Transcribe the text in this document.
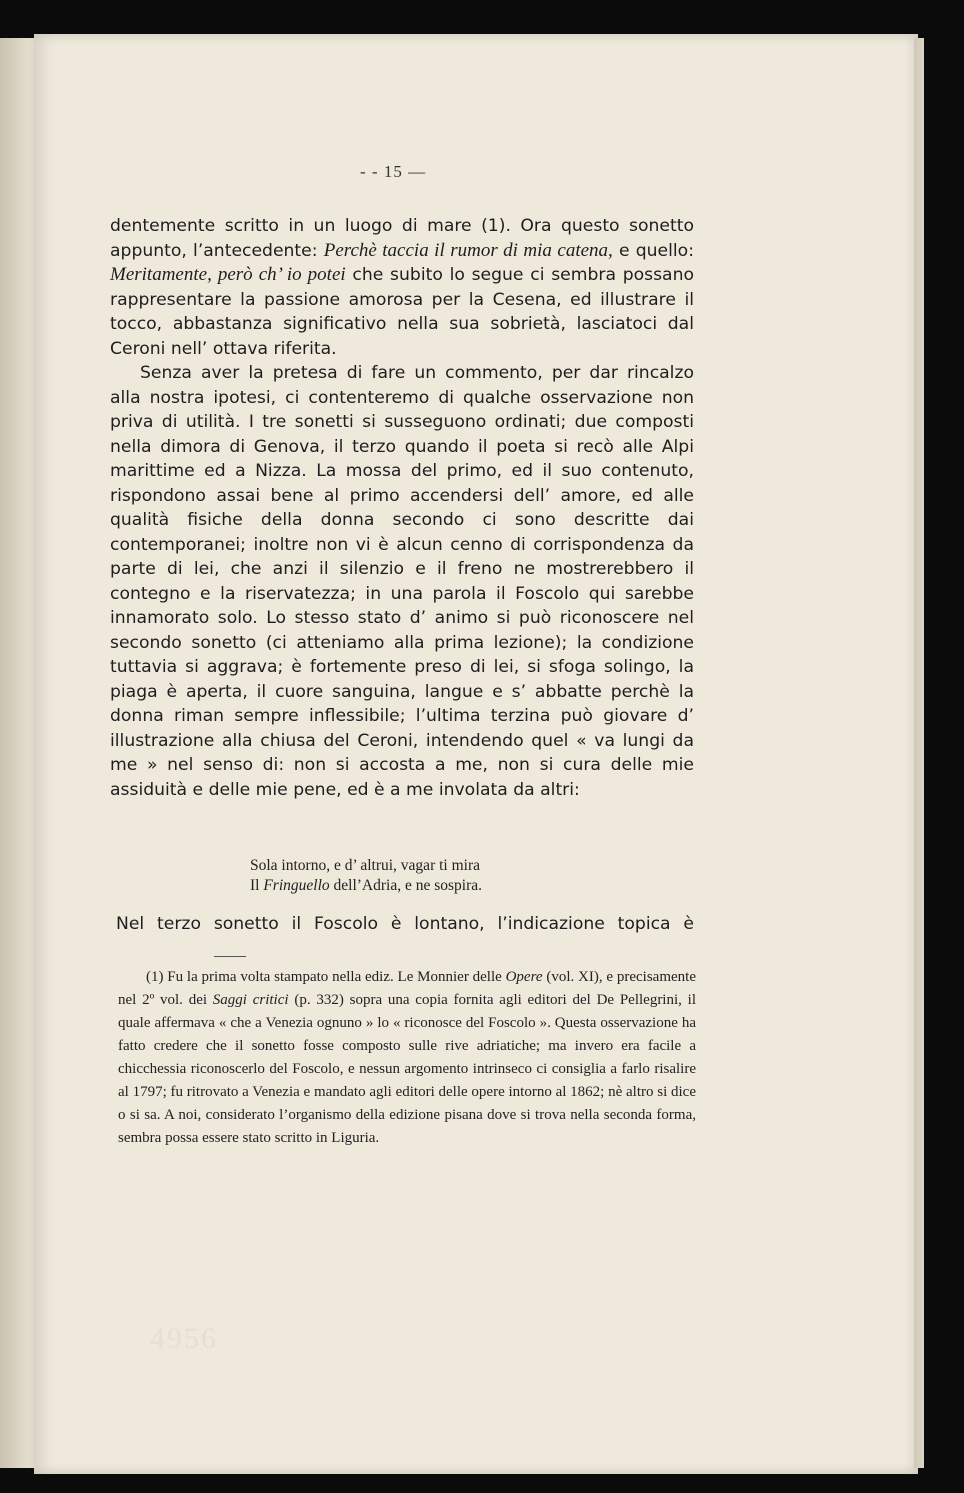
- - 15 —

dentemente scritto in un luogo di mare (1). Ora questo sonetto appunto, l’antecedente: Perchè taccia il rumor di mia catena, e quello: Meritamente, però ch’ io potei che subito lo segue ci sembra possano rappresentare la passione amorosa per la Cesena, ed illustrare il tocco, abbastanza significativo nella sua sobrietà, lasciatoci dal Ceroni nell’ ottava riferita.

Senza aver la pretesa di fare un commento, per dar rincalzo alla nostra ipotesi, ci contenteremo di qualche osservazione non priva di utilità. I tre sonetti si susseguono ordinati; due composti nella dimora di Genova, il terzo quando il poeta si recò alle Alpi marittime ed a Nizza. La mossa del primo, ed il suo contenuto, rispondono assai bene al primo accendersi dell’ amore, ed alle qualità fisiche della donna secondo ci sono descritte dai contemporanei; inoltre non vi è alcun cenno di corrispondenza da parte di lei, che anzi il silenzio e il freno ne mostrerebbero il contegno e la riservatezza; in una parola il Foscolo qui sarebbe innamorato solo. Lo stesso stato d’ animo si può riconoscere nel secondo sonetto (ci atteniamo alla prima lezione); la condizione tuttavia si aggrava; è fortemente preso di lei, si sfoga solingo, la piaga è aperta, il cuore sanguina, langue e s’ abbatte perchè la donna riman sempre inflessibile; l’ultima terzina può giovare d’ illustrazione alla chiusa del Ceroni, intendendo quel « va lungi da me » nel senso di: non si accosta a me, non si cura delle mie assiduità e delle mie pene, ed è a me involata da altri:

Sola intorno, e d’ altrui, vagar ti mira
Il Fringuello dell’Adria, e ne sospira.
Nel terzo sonetto il Foscolo è lontano, l’indicazione topica è

(1) Fu la prima volta stampato nella ediz. Le Monnier delle Opere (vol. XI), e precisamente nel 2º vol. dei Saggi critici (p. 332) sopra una copia fornita agli editori del De Pellegrini, il quale affermava « che a Venezia ognuno » lo « riconosce del Foscolo ». Questa osservazione ha fatto credere che il sonetto fosse composto sulle rive adriatiche; ma invero era facile a chicchessia riconoscerlo del Foscolo, e nessun argomento intrinseco ci consiglia a farlo risalire al 1797; fu ritrovato a Venezia e mandato agli editori delle opere intorno al 1862; nè altro si dice o si sa. A noi, considerato l’organismo della edizione pisana dove si trova nella seconda forma, sembra possa essere stato scritto in Liguria.

4956
